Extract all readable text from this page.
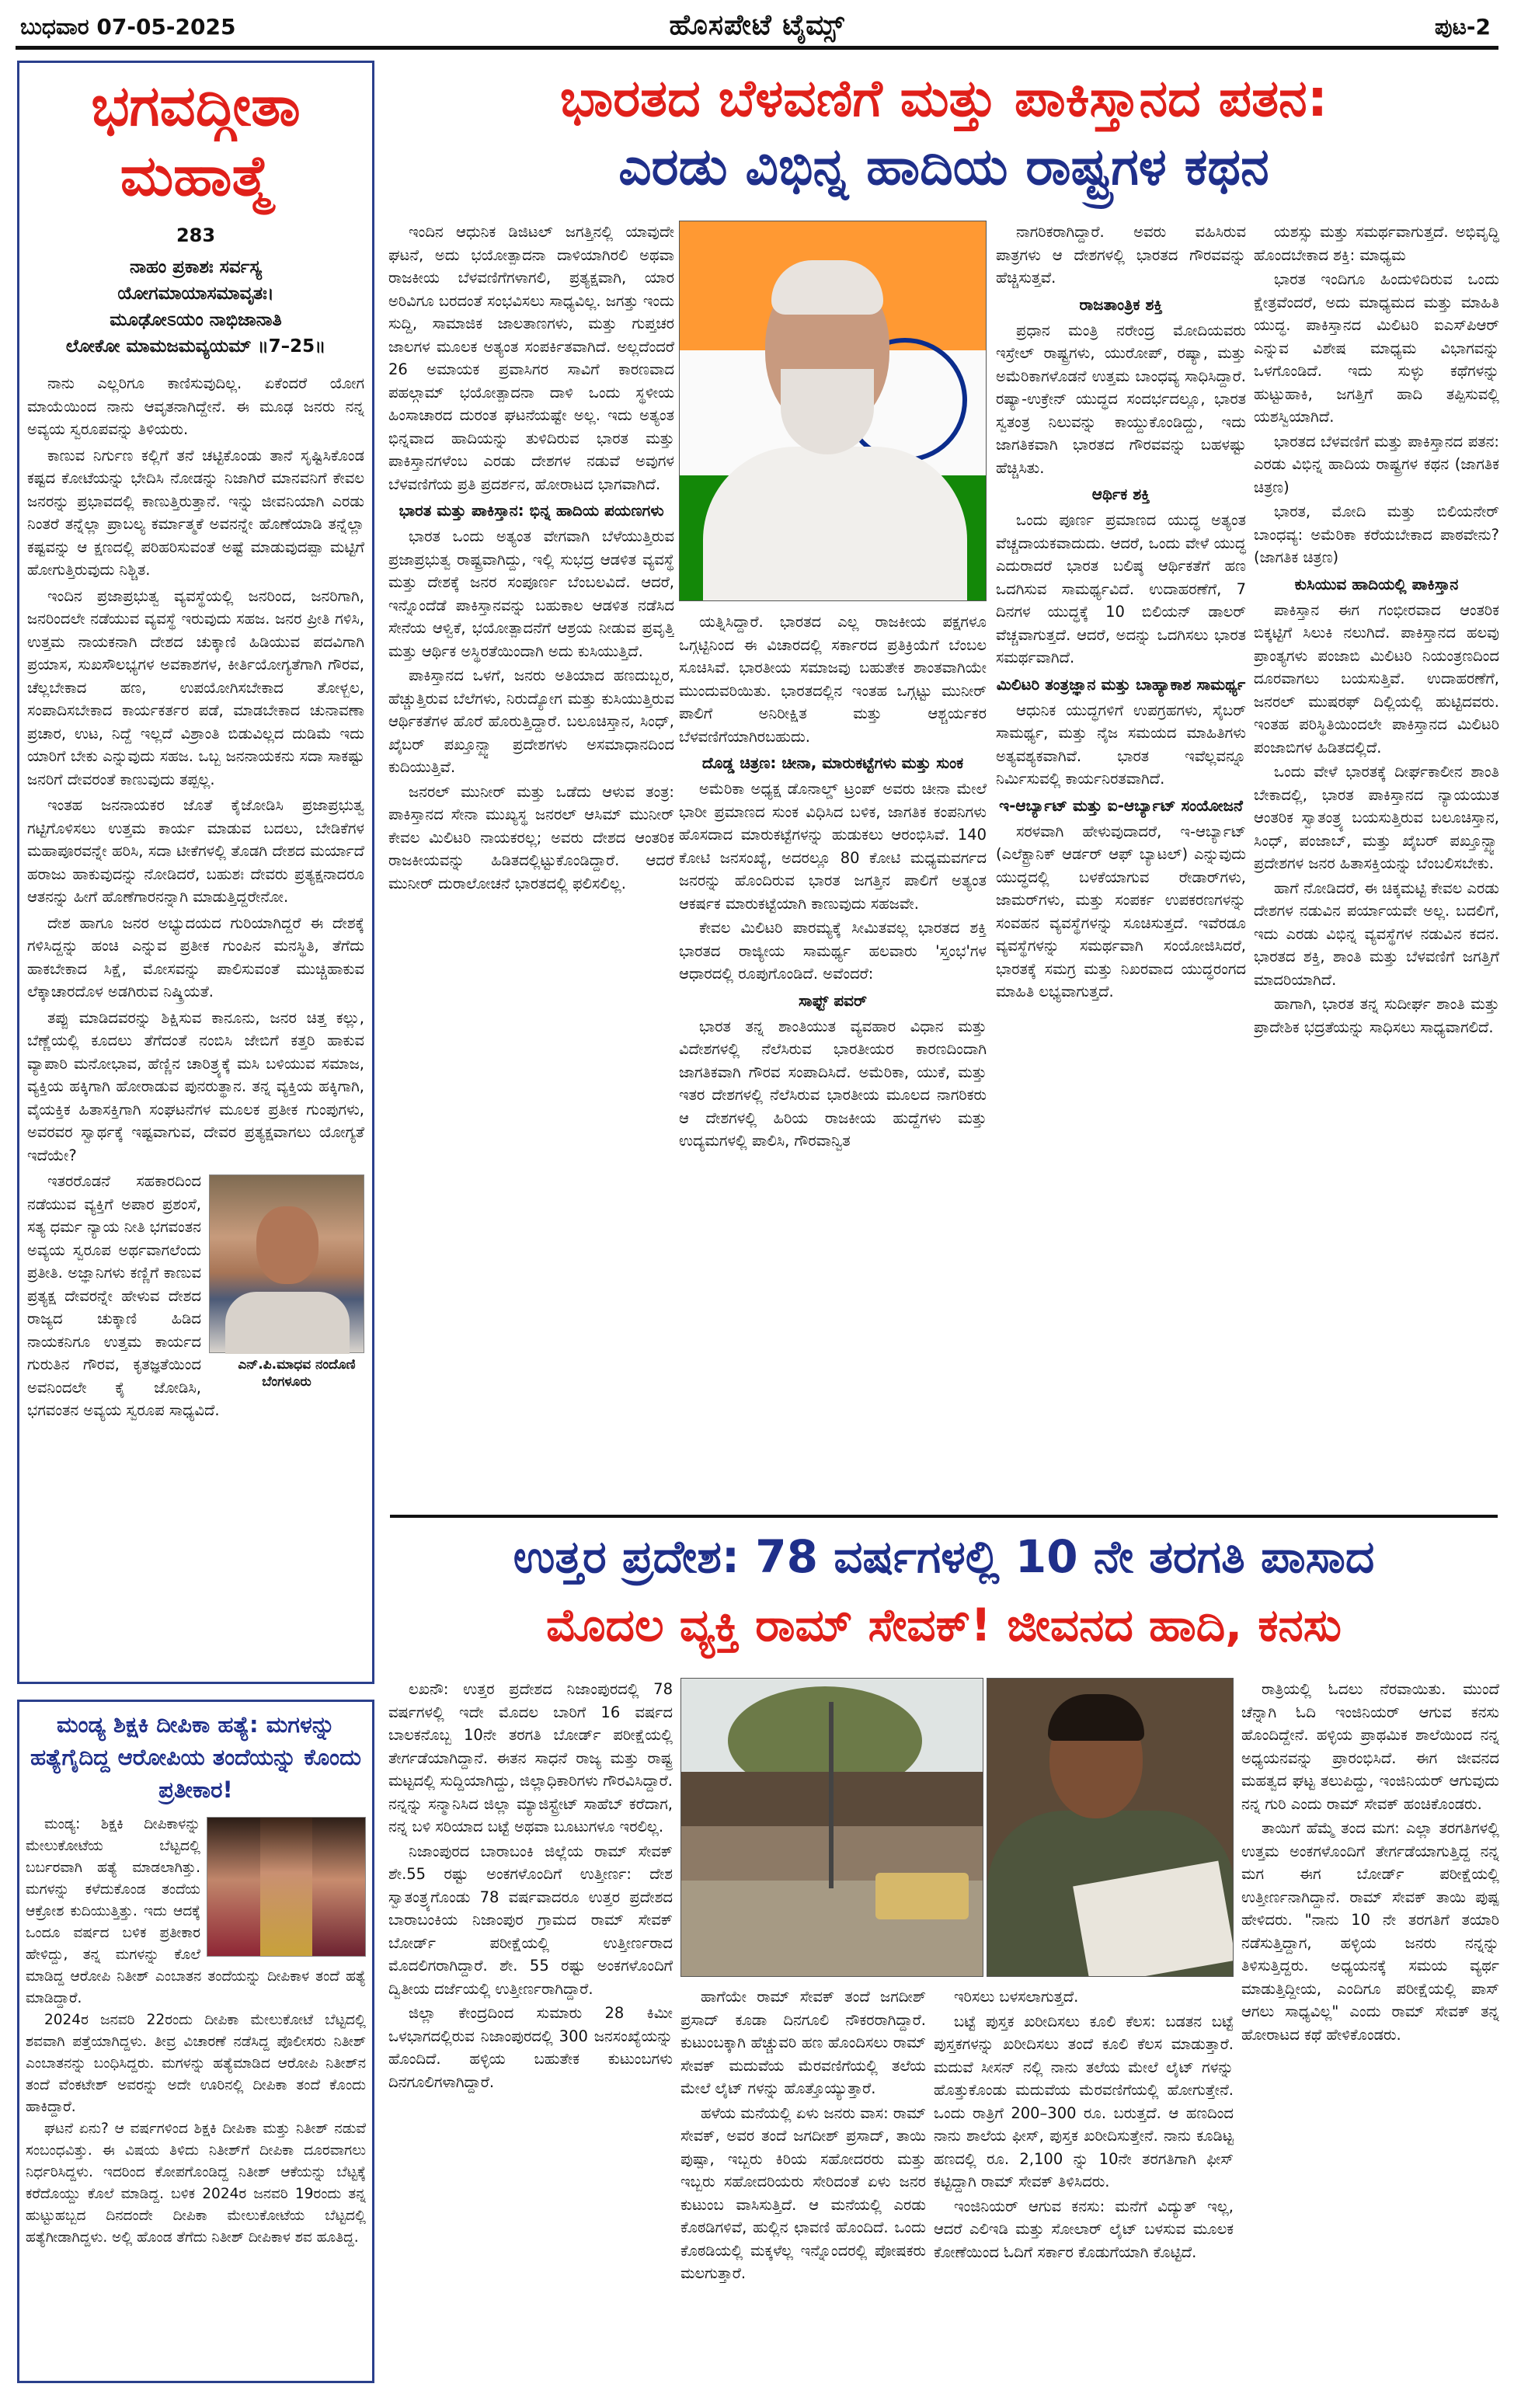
ಬುಧವಾರ 07-05-2025	ಹೊಸಪೇಟೆ ಟೈಮ್ಸ್	ಪುಟ-2
ಭಗವದ್ಗೀತಾ
ಮಹಾತ್ಮೆ
283
ನಾಹಂ ಪ್ರಕಾಶಃ ಸರ್ವಸ್ಯ
ಯೋಗಮಾಯಾಸಮಾವೃತಃ।
ಮೂಢೋಽಯಂ ನಾಭಿಜಾನಾತಿ
ಲೋಕೋ ಮಾಮಜಮವ್ಯಯಮ್ ॥7–25॥

ನಾನು ಎಲ್ಲರಿಗೂ ಕಾಣಿಸುವುದಿಲ್ಲ. ಏಕೆಂದರೆ ಯೋಗ ಮಾಯೆಯಿಂದ ನಾನು ಆವೃತನಾಗಿದ್ದೇನೆ. ಈ ಮೂಢ ಜನರು ನನ್ನ ಅವ್ಯಯ ಸ್ವರೂಪವನ್ನು ತಿಳಿಯರು.

ಕಾಣುವ ನಿರ್ಗುಣ ಕಲ್ಲಿಗೆ ತನೆ ಚಟ್ಟಿಕೊಂಡು ತಾನೆ ಸೃಷ್ಟಿಸಿಕೊಂಡ ಕಷ್ಟದ ಕೋಟೆಯನ್ನು ಭೇದಿಸಿ ನೋಡನ್ನು ನಿಜಾಗಿರೆ ಮಾನವನಿಗೆ ಕೇವಲ ಜನರನ್ನು ಪ್ರಭಾವದಲ್ಲಿ ಕಾಣುತ್ತಿರುತ್ತಾನೆ. ಇನ್ನು ಜೀವನಿಯಾಗಿ ಎರಡು ನಿಂತರೆ ತನ್ನೆಲ್ಲಾ ಪ್ರಾಬಲ್ಯ ಕರ್ಮಾತ್ಮಕೆ ಅವನನ್ನೇ ಹೊಣೆಯಾಡಿ ತನ್ನೆಲ್ಲಾ ಕಷ್ಟವನ್ನು ಆ ಕ್ಷಣದಲ್ಲಿ ಪರಿಹರಿಸುವಂತೆ ಅಷ್ಟೆ ಮಾಡುವುದಪ್ಪಾ ಮಟ್ಟಿಗೆ ಹೋಗುತ್ತಿರುವುದು ನಿಶ್ಚಿತ.

ಇಂದಿನ ಪ್ರಜಾಪ್ರಭುತ್ವ ವ್ಯವಸ್ಥೆಯಲ್ಲಿ ಜನರಿಂದ, ಜನರಿಗಾಗಿ, ಜನರಿಂದಲೇ ನಡೆಯುವ ವ್ಯವಸ್ಥೆ ಇರುವುದು ಸಹಜ. ಜನರ ಪ್ರೀತಿ ಗಳಿಸಿ, ಉತ್ತಮ ನಾಯಕನಾಗಿ ದೇಶದ ಚುಕ್ಕಾಣಿ ಹಿಡಿಯುವ ಪದವಿಗಾಗಿ ಪ್ರಯಾಸ, ಸುಖಸೌಲಭ್ಯಗಳ ಅವಕಾಶಗಳ, ಕೀರ್ತಿಯೋಗ್ಯತೆಗಾಗಿ ಗೌರವ, ಚೆಲ್ಲಬೇಕಾದ ಹಣ, ಉಪಯೋಗಿಸಬೇಕಾದ ತೋಳ್ಬಲ, ಸಂಪಾದಿಸಬೇಕಾದ ಕಾರ್ಯಕರ್ತರ ಪಡೆ, ಮಾಡಬೇಕಾದ ಚುನಾವಣಾ ಪ್ರಚಾರ, ಉಟ, ನಿದ್ದೆ ಇಲ್ಲದೆ ವಿಶ್ರಾಂತಿ ಬಿಡುವಿಲ್ಲದ ದುಡಿಮೆ ಇದು ಯಾರಿಗೆ ಬೇಕು ಎನ್ನುವುದು ಸಹಜ. ಒಬ್ಬ ಜನನಾಯಕನು ಸದಾ ಸಾಕಷ್ಟು ಜನರಿಗೆ ದೇವರಂತೆ ಕಾಣುವುದು ತಪ್ಪಲ್ಲ.

ಇಂತಹ ಜನನಾಯಕರ ಜೊತೆ ಕೈಜೋಡಿಸಿ ಪ್ರಜಾಪ್ರಭುತ್ವ ಗಟ್ಟಿಗೊಳಿಸಲು ಉತ್ತಮ ಕಾರ್ಯ ಮಾಡುವ ಬದಲು, ಬೇಡಿಕೆಗಳ ಮಹಾಪೂರವನ್ನೇ ಹರಿಸಿ, ಸದಾ ಟೀಕೆಗಳಲ್ಲಿ ತೊಡಗಿ ದೇಶದ ಮರ್ಯಾದೆ ಹರಾಜು ಹಾಕುವುದನ್ನು ನೋಡಿದರೆ, ಬಹುಶಃ ದೇವರು ಪ್ರತ್ಯಕ್ಷನಾದರೂ ಆತನನ್ನು ಹೀಗೆ ಹೊಣೆಗಾರನನ್ನಾಗಿ ಮಾಡುತ್ತಿದ್ದರೇನೋ.

ದೇಶ ಹಾಗೂ ಜನರ ಅಭ್ಯುದಯದ ಗುರಿಯಾಗಿದ್ದರೆ ಈ ದೇಶಕ್ಕೆ ಗಳಿಸಿದ್ದನ್ನು ಹಂಚಿ ಎನ್ನುವ ಪ್ರತೀಕ ಗುಂಪಿನ ಮನಸ್ಥಿತಿ, ತೆಗೆದು ಹಾಕಬೇಕಾದ ಸಿಕ್ಷೆ, ಮೋಸವನ್ನು ಪಾಲಿಸುವಂತೆ ಮುಚ್ಚಿಹಾಕುವ ಲೆಕ್ಕಾಚಾರದೊಳ ಅಡಗಿರುವ ನಿಷ್ಕ್ರಿಯತೆ.

ತಪ್ಪು ಮಾಡಿದವರನ್ನು ಶಿಕ್ಷಿಸುವ ಕಾನೂನು, ಜನರ ಚಿತ್ತ ಕಲ್ಲು, ಬೆಣ್ಣೆಯಲ್ಲಿ ಕೂದಲು ತೆಗೆದಂತೆ ನಂಬಿಸಿ ಜೇಬಿಗೆ ಕತ್ತರಿ ಹಾಕುವ ವ್ಯಾಪಾರಿ ಮನೋಭಾವ, ಹೆಣ್ಣಿನ ಚಾರಿತ್ರ್ಯಕ್ಕೆ ಮಸಿ ಬಳಿಯುವ ಸಮಾಜ, ವ್ಯಕ್ತಿಯ ಹಕ್ಕಿಗಾಗಿ ಹೋರಾಡುವ ಪುನರುತ್ಥಾನ. ತನ್ನ ವ್ಯಕ್ತಿಯ ಹಕ್ಕಿಗಾಗಿ, ವೈಯಕ್ತಿಕ ಹಿತಾಸಕ್ತಿಗಾಗಿ ಸಂಘಟನೆಗಳ ಮೂಲಕ ಪ್ರತೀಕ ಗುಂಪುಗಳು, ಅವರವರ ಸ್ವಾರ್ಥಕ್ಕೆ ಇಷ್ಟವಾಗುವ, ದೇವರ ಪ್ರತ್ಯಕ್ಷವಾಗಲು ಯೋಗ್ಯತೆ ಇದೆಯೇ?

ಎನ್.ಪಿ.ಮಾಧವ ನಂದೊಣಿ
ಬೆಂಗಳೂರು

ಇತರರೊಡನೆ ಸಹಕಾರದಿಂದ ನಡೆಯುವ ವ್ಯಕ್ತಿಗೆ ಅಪಾರ ಪ್ರಶಂಸೆ, ಸತ್ಯ ಧರ್ಮ ನ್ಯಾಯ ನೀತಿ ಭಗವಂತನ ಅವ್ಯಯ ಸ್ವರೂಪ ಅರ್ಥವಾಗಲೆಂದು ಪ್ರತೀತಿ. ಅಜ್ಞಾನಿಗಳು ಕಣ್ಣಿಗೆ ಕಾಣುವ ಪ್ರತ್ಯಕ್ಷ ದೇವರನ್ನೇ ಹೇಳುವ ದೇಶದ ರಾಜ್ಯದ ಚುಕ್ಕಾಣಿ ಹಿಡಿದ ನಾಯಕನಿಗೂ ಉತ್ತಮ ಕಾರ್ಯದ ಗುರುತಿನ ಗೌರವ, ಕೃತಜ್ಞತೆಯಿಂದ ಅವನಿಂದಲೇ ಕೈ ಜೋಡಿಸಿ, ಭಗವಂತನ ಅವ್ಯಯ ಸ್ವರೂಪ ಸಾಧ್ಯವಿದೆ.

ಭಾರತದ ಬೆಳವಣಿಗೆ ಮತ್ತು ಪಾಕಿಸ್ತಾನದ ಪತನ:
ಎರಡು ವಿಭಿನ್ನ ಹಾದಿಯ ರಾಷ್ಟ್ರಗಳ ಕಥನ

ಇಂದಿನ ಆಧುನಿಕ ಡಿಜಿಟಲ್ ಜಗತ್ತಿನಲ್ಲಿ ಯಾವುದೇ ಘಟನೆ, ಅದು ಭಯೋತ್ಪಾದನಾ ದಾಳಿಯಾಗಿರಲಿ ಅಥವಾ ರಾಜಕೀಯ ಬೆಳವಣಿಗೆಗಳಾಗಲಿ, ಪ್ರತ್ಯಕ್ಷವಾಗಿ, ಯಾರ ಅರಿವಿಗೂ ಬರದಂತೆ ಸಂಭವಿಸಲು ಸಾಧ್ಯವಿಲ್ಲ. ಜಗತ್ತು ಇಂದು ಸುದ್ದಿ, ಸಾಮಾಜಿಕ ಜಾಲತಾಣಗಳು, ಮತ್ತು ಗುಪ್ತಚರ ಜಾಲಗಳ ಮೂಲಕ ಅತ್ಯಂತ ಸಂಪರ್ಕಿತವಾಗಿದೆ. ಅಲ್ಲದೆಂದರೆ 26 ಅಮಾಯಕ ಪ್ರವಾಸಿಗರ ಸಾವಿಗೆ ಕಾರಣವಾದ ಪಹಲ್ಗಾಮ್ ಭಯೋತ್ಪಾದನಾ ದಾಳಿ ಒಂದು ಸ್ಥಳೀಯ ಹಿಂಸಾಚಾರದ ದುರಂತ ಘಟನೆಯಷ್ಟೇ ಅಲ್ಲ. ಇದು ಅತ್ಯಂತ ಭಿನ್ನವಾದ ಹಾದಿಯನ್ನು ತುಳಿದಿರುವ ಭಾರತ ಮತ್ತು ಪಾಕಿಸ್ತಾನಗಳೆಂಬ ಎರಡು ದೇಶಗಳ ನಡುವೆ ಅವುಗಳ ಬೆಳವಣಿಗೆಯ ಪ್ರತಿ ಪ್ರದರ್ಶನ, ಹೋರಾಟದ ಭಾಗವಾಗಿದೆ.

ಭಾರತ ಮತ್ತು ಪಾಕಿಸ್ತಾನ: ಭಿನ್ನ ಹಾದಿಯ ಪಯಣಗಳು

ಭಾರತ ಒಂದು ಅತ್ಯಂತ ವೇಗವಾಗಿ ಬೆಳೆಯುತ್ತಿರುವ ಪ್ರಜಾಪ್ರಭುತ್ವ ರಾಷ್ಟ್ರವಾಗಿದ್ದು, ಇಲ್ಲಿ ಸುಭದ್ರ ಆಡಳಿತ ವ್ಯವಸ್ಥೆ ಮತ್ತು ದೇಶಕ್ಕೆ ಜನರ ಸಂಪೂರ್ಣ ಬೆಂಬಲವಿದೆ. ಆದರೆ, ಇನ್ನೊಂದೆಡೆ ಪಾಕಿಸ್ತಾನವನ್ನು ಬಹುಕಾಲ ಆಡಳಿತ ನಡೆಸಿದ ಸೇನೆಯ ಆಳ್ವಿಕೆ, ಭಯೋತ್ಪಾದನೆಗೆ ಆಶ್ರಯ ನೀಡುವ ಪ್ರವೃತ್ತಿ ಮತ್ತು ಆರ್ಥಿಕ ಅಸ್ಥಿರತೆಯಿಂದಾಗಿ ಅದು ಕುಸಿಯುತ್ತಿದೆ.

ಪಾಕಿಸ್ತಾನದ ಒಳಗೆ, ಜನರು ಅತಿಯಾದ ಹಣದುಬ್ಬರ, ಹೆಚ್ಚುತ್ತಿರುವ ಬೆಲೆಗಳು, ನಿರುದ್ಯೋಗ ಮತ್ತು ಕುಸಿಯುತ್ತಿರುವ ಆರ್ಥಿಕತೆಗಳ ಹೊರೆ ಹೊರುತ್ತಿದ್ದಾರೆ. ಬಲೂಚಿಸ್ತಾನ, ಸಿಂಧ್, ಖೈಬರ್ ಪಖ್ತೂನ್ಖ್ವಾ ಪ್ರದೇಶಗಳು ಅಸಮಾಧಾನದಿಂದ ಕುದಿಯುತ್ತಿವೆ.

ಜನರಲ್ ಮುನೀರ್ ಮತ್ತು ಒಡೆದು ಆಳುವ ತಂತ್ರ: ಪಾಕಿಸ್ತಾನದ ಸೇನಾ ಮುಖ್ಯಸ್ಥ ಜನರಲ್ ಆಸಿಮ್ ಮುನೀರ್ ಕೇವಲ ಮಿಲಿಟರಿ ನಾಯಕರಲ್ಲ; ಅವರು ದೇಶದ ಆಂತರಿಕ ರಾಜಕೀಯವನ್ನು ಹಿಡಿತದಲ್ಲಿಟ್ಟುಕೊಂಡಿದ್ದಾರೆ. ಆದರೆ ಮುನೀರ್ ದುರಾಲೋಚನೆ ಭಾರತದಲ್ಲಿ ಫಲಿಸಲಿಲ್ಲ.

ಯತ್ನಿಸಿದ್ದಾರೆ. ಭಾರತದ ಎಲ್ಲ ರಾಜಕೀಯ ಪಕ್ಷಗಳೂ ಒಗ್ಗಟ್ಟಿನಿಂದ ಈ ವಿಚಾರದಲ್ಲಿ ಸರ್ಕಾರದ ಪ್ರತಿಕ್ರಿಯೆಗೆ ಬೆಂಬಲ ಸೂಚಿಸಿವೆ. ಭಾರತೀಯ ಸಮಾಜವು ಬಹುತೇಕ ಶಾಂತವಾಗಿಯೇ ಮುಂದುವರಿಯಿತು. ಭಾರತದಲ್ಲಿನ ಇಂತಹ ಒಗ್ಗಟ್ಟು ಮುನೀರ್ ಪಾಲಿಗೆ ಅನಿರೀಕ್ಷಿತ ಮತ್ತು ಆಶ್ಚರ್ಯಕರ ಬೆಳವಣಿಗೆಯಾಗಿರಬಹುದು.

ದೊಡ್ಡ ಚಿತ್ರಣ: ಚೀನಾ, ಮಾರುಕಟ್ಟೆಗಳು ಮತ್ತು ಸುಂಕ

ಅಮೆರಿಕಾ ಅಧ್ಯಕ್ಷ ಡೊನಾಲ್ಡ್ ಟ್ರಂಪ್ ಅವರು ಚೀನಾ ಮೇಲೆ ಭಾರೀ ಪ್ರಮಾಣದ ಸುಂಕ ವಿಧಿಸಿದ ಬಳಿಕ, ಜಾಗತಿಕ ಕಂಪನಿಗಳು ಹೊಸದಾದ ಮಾರುಕಟ್ಟೆಗಳನ್ನು ಹುಡುಕಲು ಆರಂಭಿಸಿವೆ. 140 ಕೋಟಿ ಜನಸಂಖ್ಯೆ, ಅದರಲ್ಲೂ 80 ಕೋಟಿ ಮಧ್ಯಮವರ್ಗದ ಜನರನ್ನು ಹೊಂದಿರುವ ಭಾರತ ಜಗತ್ತಿನ ಪಾಲಿಗೆ ಅತ್ಯಂತ ಆಕರ್ಷಕ ಮಾರುಕಟ್ಟೆಯಾಗಿ ಕಾಣುವುದು ಸಹಜವೇ.

ಕೇವಲ ಮಿಲಿಟರಿ ಪಾರಮ್ಯಕ್ಕೆ ಸೀಮಿತವಲ್ಲ ಭಾರತದ ಶಕ್ತಿ ಭಾರತದ ರಾಜ್ಯೀಯ ಸಾಮರ್ಥ್ಯ ಹಲವಾರು 'ಸ್ತಂಭ'ಗಳ ಆಧಾರದಲ್ಲಿ ರೂಪುಗೊಂಡಿದೆ. ಅವೆಂದರೆ:

ಸಾಫ್ಟ್ ಪವರ್

ಭಾರತ ತನ್ನ ಶಾಂತಿಯುತ ವ್ಯವಹಾರ ವಿಧಾನ ಮತ್ತು ವಿದೇಶಗಳಲ್ಲಿ ನೆಲೆಸಿರುವ ಭಾರತೀಯರ ಕಾರಣದಿಂದಾಗಿ ಜಾಗತಿಕವಾಗಿ ಗೌರವ ಸಂಪಾದಿಸಿದೆ. ಅಮೆರಿಕಾ, ಯುಕೆ, ಮತ್ತು ಇತರ ದೇಶಗಳಲ್ಲಿ ನೆಲೆಸಿರುವ ಭಾರತೀಯ ಮೂಲದ ನಾಗರಿಕರು ಆ ದೇಶಗಳಲ್ಲಿ ಹಿರಿಯ ರಾಜಕೀಯ ಹುದ್ದೆಗಳು ಮತ್ತು ಉದ್ಯಮಗಳಲ್ಲಿ ಪಾಲಿಸಿ, ಗೌರವಾನ್ವಿತ

ನಾಗರಿಕರಾಗಿದ್ದಾರೆ. ಅವರು ವಹಿಸಿರುವ ಪಾತ್ರಗಳು ಆ ದೇಶಗಳಲ್ಲಿ ಭಾರತದ ಗೌರವವನ್ನು ಹೆಚ್ಚಿಸುತ್ತವೆ.

ರಾಜತಾಂತ್ರಿಕ ಶಕ್ತಿ

ಪ್ರಧಾನ ಮಂತ್ರಿ ನರೇಂದ್ರ ಮೋದಿಯವರು ಇಸ್ರೇಲ್ ರಾಷ್ಟ್ರಗಳು, ಯುರೋಪ್, ರಷ್ಯಾ, ಮತ್ತು ಅಮೆರಿಕಾಗಳೊಡನೆ ಉತ್ತಮ ಬಾಂಧವ್ಯ ಸಾಧಿಸಿದ್ದಾರೆ. ರಷ್ಯಾ-ಉಕ್ರೇನ್ ಯುದ್ಧದ ಸಂದರ್ಭದಲ್ಲೂ, ಭಾರತ ಸ್ವತಂತ್ರ ನಿಲುವನ್ನು ಕಾಯ್ದುಕೊಂಡಿದ್ದು, ಇದು ಜಾಗತಿಕವಾಗಿ ಭಾರತದ ಗೌರವವನ್ನು ಬಹಳಷ್ಟು ಹೆಚ್ಚಿಸಿತು.

ಆರ್ಥಿಕ ಶಕ್ತಿ

ಒಂದು ಪೂರ್ಣ ಪ್ರಮಾಣದ ಯುದ್ಧ ಅತ್ಯಂತ ವೆಚ್ಚದಾಯಕವಾದುದು. ಆದರೆ, ಒಂದು ವೇಳೆ ಯುದ್ಧ ಎದುರಾದರೆ ಭಾರತ ಬಲಿಷ್ಠ ಆರ್ಥಿಕತೆಗೆ ಹಣ ಒದಗಿಸುವ ಸಾಮರ್ಥ್ಯವಿದೆ. ಉದಾಹರಣೆಗೆ, 7 ದಿನಗಳ ಯುದ್ಧಕ್ಕೆ 10 ಬಿಲಿಯನ್ ಡಾಲರ್ ವೆಚ್ಚವಾಗುತ್ತದೆ. ಆದರೆ, ಅದನ್ನು ಒದಗಿಸಲು ಭಾರತ ಸಮರ್ಥವಾಗಿದೆ.

ಮಿಲಿಟರಿ ತಂತ್ರಜ್ಞಾನ ಮತ್ತು ಬಾಹ್ಯಾಕಾಶ ಸಾಮರ್ಥ್ಯ

ಆಧುನಿಕ ಯುದ್ಧಗಳಿಗೆ ಉಪಗ್ರಹಗಳು, ಸೈಬರ್ ಸಾಮರ್ಥ್ಯ, ಮತ್ತು ನೈಜ ಸಮಯದ ಮಾಹಿತಿಗಳು ಅತ್ಯವಶ್ಯಕವಾಗಿವೆ. ಭಾರತ ಇವೆಲ್ಲವನ್ನೂ ನಿರ್ಮಿಸುವಲ್ಲಿ ಕಾರ್ಯನಿರತವಾಗಿದೆ.

ಇ-ಆರ್ಬ್ಯಾಟ್ ಮತ್ತು ಐ-ಆರ್ಬ್ಯಾಟ್ ಸಂಯೋಜನೆ

ಸರಳವಾಗಿ ಹೇಳುವುದಾದರೆ, ಇ-ಆರ್ಬ್ಯಾಟ್ (ಎಲೆಕ್ಟ್ರಾನಿಕ್ ಆರ್ಡರ್ ಆಫ್ ಬ್ಯಾಟಲ್) ಎನ್ನುವುದು ಯುದ್ಧದಲ್ಲಿ ಬಳಕೆಯಾಗುವ ರೇಡಾರ್‌ಗಳು, ಜಾಮರ್‌ಗಳು, ಮತ್ತು ಸಂಪರ್ಕ ಉಪಕರಣಗಳನ್ನು ಸಂವಹನ ವ್ಯವಸ್ಥೆಗಳನ್ನು ಸೂಚಿಸುತ್ತದೆ. ಇವೆರಡೂ ವ್ಯವಸ್ಥೆಗಳನ್ನು ಸಮರ್ಥವಾಗಿ ಸಂಯೋಜಿಸಿದರೆ, ಭಾರತಕ್ಕೆ ಸಮಗ್ರ ಮತ್ತು ನಿಖರವಾದ ಯುದ್ಧರಂಗದ ಮಾಹಿತಿ ಲಭ್ಯವಾಗುತ್ತದೆ.

ಯಶಸ್ಸು ಮತ್ತು ಸಮರ್ಥವಾಗುತ್ತದೆ. ಅಭಿವೃದ್ಧಿ ಹೊಂದಬೇಕಾದ ಶಕ್ತಿ: ಮಾಧ್ಯಮ

ಭಾರತ ಇಂದಿಗೂ ಹಿಂದುಳಿದಿರುವ ಒಂದು ಕ್ಷೇತ್ರವೆಂದರೆ, ಅದು ಮಾಧ್ಯಮದ ಮತ್ತು ಮಾಹಿತಿ ಯುದ್ಧ. ಪಾಕಿಸ್ತಾನದ ಮಿಲಿಟರಿ ಐಎಸ್‌ಪಿಆರ್ ಎನ್ನುವ ವಿಶೇಷ ಮಾಧ್ಯಮ ವಿಭಾಗವನ್ನು ಒಳಗೊಂಡಿದೆ. ಇದು ಸುಳ್ಳು ಕಥೆಗಳನ್ನು ಹುಟ್ಟುಹಾಕಿ, ಜಗತ್ತಿಗೆ ಹಾದಿ ತಪ್ಪಿಸುವಲ್ಲಿ ಯಶಸ್ವಿಯಾಗಿದೆ.

ಭಾರತದ ಬೆಳವಣಿಗೆ ಮತ್ತು ಪಾಕಿಸ್ತಾನದ ಪತನ: ಎರಡು ವಿಭಿನ್ನ ಹಾದಿಯ ರಾಷ್ಟ್ರಗಳ ಕಥನ (ಜಾಗತಿಕ ಚಿತ್ರಣ)

ಭಾರತ, ಮೋದಿ ಮತ್ತು ಬಿಲಿಯನೇರ್ ಬಾಂಧವ್ಯ: ಅಮೆರಿಕಾ ಕರೆಯಬೇಕಾದ ಪಾಠವೇನು? (ಜಾಗತಿಕ ಚಿತ್ರಣ)

ಕುಸಿಯುವ ಹಾದಿಯಲ್ಲಿ ಪಾಕಿಸ್ತಾನ

ಪಾಕಿಸ್ತಾನ ಈಗ ಗಂಭೀರವಾದ ಆಂತರಿಕ ಬಿಕ್ಕಟ್ಟಿಗೆ ಸಿಲುಕಿ ನಲುಗಿದೆ. ಪಾಕಿಸ್ತಾನದ ಹಲವು ಪ್ರಾಂತ್ಯಗಳು ಪಂಜಾಬಿ ಮಿಲಿಟರಿ ನಿಯಂತ್ರಣದಿಂದ ದೂರವಾಗಲು ಬಯಸುತ್ತಿವೆ. ಉದಾಹರಣೆಗೆ, ಜನರಲ್ ಮುಷರಫ್ ದಿಲ್ಲಿಯಲ್ಲಿ ಹುಟ್ಟಿದವರು. ಇಂತಹ ಪರಿಸ್ಥಿತಿಯಿಂದಲೇ ಪಾಕಿಸ್ತಾನದ ಮಿಲಿಟರಿ ಪಂಜಾಬಿಗಳ ಹಿಡಿತದಲ್ಲಿದೆ.

ಒಂದು ವೇಳೆ ಭಾರತಕ್ಕೆ ದೀರ್ಘಕಾಲೀನ ಶಾಂತಿ ಬೇಕಾದಲ್ಲಿ, ಭಾರತ ಪಾಕಿಸ್ತಾನದ ನ್ಯಾಯಯುತ ಆಂತರಿಕ ಸ್ವಾತಂತ್ರ್ಯ ಬಯಸುತ್ತಿರುವ ಬಲೂಚಿಸ್ತಾನ, ಸಿಂಧ್, ಪಂಜಾಬ್, ಮತ್ತು ಖೈಬರ್ ಪಖ್ತೂನ್ಖ್ವಾ ಪ್ರದೇಶಗಳ ಜನರ ಹಿತಾಸಕ್ತಿಯನ್ನು ಬೆಂಬಲಿಸಬೇಕು.

ಹಾಗೆ ನೋಡಿದರೆ, ಈ ಚಿಕ್ಕಮಟ್ಟಿ ಕೇವಲ ಎರಡು ದೇಶಗಳ ನಡುವಿನ ಪರ್ಯಾಯವೇ ಅಲ್ಲ. ಬದಲಿಗೆ, ಇದು ಎರಡು ವಿಭಿನ್ನ ವ್ಯವಸ್ಥೆಗಳ ನಡುವಿನ ಕದನ. ಭಾರತದ ಶಕ್ತಿ, ಶಾಂತಿ ಮತ್ತು ಬೆಳವಣಿಗೆ ಜಗತ್ತಿಗೆ ಮಾದರಿಯಾಗಿದೆ.

ಹಾಗಾಗಿ, ಭಾರತ ತನ್ನ ಸುದೀರ್ಘ ಶಾಂತಿ ಮತ್ತು ಪ್ರಾದೇಶಿಕ ಭದ್ರತೆಯನ್ನು ಸಾಧಿಸಲು ಸಾಧ್ಯವಾಗಲಿದೆ.

ಉತ್ತರ ಪ್ರದೇಶ: 78 ವರ್ಷಗಳಲ್ಲಿ 10 ನೇ ತರಗತಿ ಪಾಸಾದ
ಮೊದಲ ವ್ಯಕ್ತಿ ರಾಮ್ ಸೇವಕ್! ಜೀವನದ ಹಾದಿ, ಕನಸು

ಲಖನೌ: ಉತ್ತರ ಪ್ರದೇಶದ ನಿಜಾಂಪುರದಲ್ಲಿ 78 ವರ್ಷಗಳಲ್ಲಿ ಇದೇ ಮೊದಲ ಬಾರಿಗೆ 16 ವರ್ಷದ ಬಾಲಕನೊಬ್ಬ 10ನೇ ತರಗತಿ ಬೋರ್ಡ್ ಪರೀಕ್ಷೆಯಲ್ಲಿ ತೇರ್ಗಡೆಯಾಗಿದ್ದಾನೆ. ಈತನ ಸಾಧನೆ ರಾಜ್ಯ ಮತ್ತು ರಾಷ್ಟ್ರ ಮಟ್ಟದಲ್ಲಿ ಸುದ್ದಿಯಾಗಿದ್ದು, ಜಿಲ್ಲಾಧಿಕಾರಿಗಳು ಗೌರವಿಸಿದ್ದಾರೆ. ನನ್ನನ್ನು ಸನ್ಮಾನಿಸಿದ ಜಿಲ್ಲಾ ಮ್ಯಾಜಿಸ್ಟ್ರೇಟ್ ಸಾಹೆಬ್ ಕರೆದಾಗ, ನನ್ನ ಬಳಿ ಸರಿಯಾದ ಬಟ್ಟೆ ಅಥವಾ ಬೂಟುಗಳೂ ಇರಲಿಲ್ಲ.

ನಿಜಾಂಪುರದ ಬಾರಾಬಂಕಿ ಜಿಲ್ಲೆಯ ರಾಮ್ ಸೇವಕ್ ಶೇ.55 ರಷ್ಟು ಅಂಕಗಳೊಂದಿಗೆ ಉತ್ತೀರ್ಣ: ದೇಶ ಸ್ವಾತಂತ್ರ್ಯಗೊಂಡು 78 ವರ್ಷವಾದರೂ ಉತ್ತರ ಪ್ರದೇಶದ ಬಾರಾಬಂಕಿಯ ನಿಜಾಂಪುರ ಗ್ರಾಮದ ರಾಮ್ ಸೇವಕ್ ಬೋರ್ಡ್ ಪರೀಕ್ಷೆಯಲ್ಲಿ ಉತ್ತೀರ್ಣರಾದ ಮೊದಲಿಗರಾಗಿದ್ದಾರೆ. ಶೇ. 55 ರಷ್ಟು ಅಂಕಗಳೊಂದಿಗೆ ದ್ವಿತೀಯ ದರ್ಜೆಯಲ್ಲಿ ಉತ್ತೀರ್ಣರಾಗಿದ್ದಾರೆ.

ಜಿಲ್ಲಾ ಕೇಂದ್ರದಿಂದ ಸುಮಾರು 28 ಕಿಮೀ ಒಳಭಾಗದಲ್ಲಿರುವ ನಿಜಾಂಪುರದಲ್ಲಿ 300 ಜನಸಂಖ್ಯೆಯನ್ನು ಹೊಂದಿದೆ. ಹಳ್ಳಿಯ ಬಹುತೇಕ ಕುಟುಂಬಗಳು ದಿನಗೂಲಿಗಳಾಗಿದ್ದಾರೆ.

ಹಾಗೆಯೇ ರಾಮ್ ಸೇವಕ್ ತಂದೆ ಜಗದೀಶ್ ಪ್ರಸಾದ್ ಕೂಡಾ ದಿನಗೂಲಿ ನೌಕರರಾಗಿದ್ದಾರೆ. ಕುಟುಂಬಕ್ಕಾಗಿ ಹೆಚ್ಚುವರಿ ಹಣ ಹೊಂದಿಸಲು ರಾಮ್ ಸೇವಕ್ ಮದುವೆಯ ಮೆರವಣಿಗೆಯಲ್ಲಿ ತಲೆಯ ಮೇಲೆ ಲೈಟ್ ಗಳನ್ನು ಹೊತ್ತೊಯ್ಯುತ್ತಾರೆ.

ಹಳೆಯ ಮನೆಯಲ್ಲಿ ಏಳು ಜನರು ವಾಸ: ರಾಮ್ ಸೇವಕ್, ಅವರ ತಂದೆ ಜಗದೀಶ್ ಪ್ರಸಾದ್, ತಾಯಿ ಪುಷ್ಪಾ, ಇಬ್ಬರು ಕಿರಿಯ ಸಹೋದರರು ಮತ್ತು ಇಬ್ಬರು ಸಹೋದರಿಯರು ಸೇರಿದಂತೆ ಏಳು ಜನರ ಕುಟುಂಬ ವಾಸಿಸುತ್ತಿದೆ. ಆ ಮನೆಯಲ್ಲಿ ಎರಡು ಕೊಠಡಿಗಳಿವೆ, ಹುಲ್ಲಿನ ಛಾವಣಿ ಹೊಂದಿದೆ. ಒಂದು ಕೊಠಡಿಯಲ್ಲಿ ಮಕ್ಕಳೆಲ್ಲ ಇನ್ನೊಂದರಲ್ಲಿ ಪೋಷಕರು ಮಲಗುತ್ತಾರೆ.

ಇರಿಸಲು ಬಳಸಲಾಗುತ್ತದೆ.

ಬಟ್ಟೆ ಪುಸ್ತಕ ಖರೀದಿಸಲು ಕೂಲಿ ಕೆಲಸ: ಬಡತನ ಬಟ್ಟೆ ಪುಸ್ತಕಗಳನ್ನು ಖರೀದಿಸಲು ತಂದೆ ಕೂಲಿ ಕೆಲಸ ಮಾಡುತ್ತಾರೆ. ಮದುವೆ ಸೀಸನ್ ನಲ್ಲಿ ನಾನು ತಲೆಯ ಮೇಲೆ ಲೈಟ್ ಗಳನ್ನು ಹೊತ್ತುಕೊಂಡು ಮದುವೆಯ ಮೆರವಣಿಗೆಯಲ್ಲಿ ಹೋಗುತ್ತೇನೆ. ಒಂದು ರಾತ್ರಿಗೆ 200–300 ರೂ. ಬರುತ್ತದೆ. ಆ ಹಣದಿಂದ ನಾನು ಶಾಲೆಯ ಫೀಸ್, ಪುಸ್ತಕ ಖರೀದಿಸುತ್ತೇನೆ. ನಾನು ಕೂಡಿಟ್ಟ ಹಣದಲ್ಲಿ ರೂ. 2,100 ನ್ನು 10ನೇ ತರಗತಿಗಾಗಿ ಫೀಸ್ ಕಟ್ಟಿದ್ದಾಗಿ ರಾಮ್ ಸೇವಕ್ ತಿಳಿಸಿದರು.

ಇಂಜಿನಿಯರ್ ಆಗುವ ಕನಸು: ಮನೆಗೆ ವಿದ್ಯುತ್ ಇಲ್ಲ, ಆದರೆ ಎಲಿಇಡಿ ಮತ್ತು ಸೋಲಾರ್ ಲೈಟ್ ಬಳಸುವ ಮೂಲಕ ಕೋಣೆಯಿಂದ ಓದಿಗೆ ಸರ್ಕಾರ ಕೊಡುಗೆಯಾಗಿ ಕೊಟ್ಟಿದೆ.

ರಾತ್ರಿಯಲ್ಲಿ ಓದಲು ನೆರವಾಯಿತು. ಮುಂದೆ ಚೆನ್ನಾಗಿ ಓದಿ ಇಂಜಿನಿಯರ್ ಆಗುವ ಕನಸು ಹೊಂದಿದ್ದೇನೆ. ಹಳ್ಳಿಯ ಪ್ರಾಥಮಿಕ ಶಾಲೆಯಿಂದ ನನ್ನ ಅಧ್ಯಯನವನ್ನು ಪ್ರಾರಂಭಿಸಿದೆ. ಈಗ ಜೀವನದ ಮಹತ್ವದ ಘಟ್ಟ ತಲುಪಿದ್ದು, ಇಂಜಿನಿಯರ್ ಆಗುವುದು ನನ್ನ ಗುರಿ ಎಂದು ರಾಮ್ ಸೇವಕ್ ಹಂಚಿಕೊಂಡರು.

ತಾಯಿಗೆ ಹೆಮ್ಮೆ ತಂದ ಮಗ: ಎಲ್ಲಾ ತರಗತಿಗಳಲ್ಲಿ ಉತ್ತಮ ಅಂಕಗಳೊಂದಿಗೆ ತೇರ್ಗಡೆಯಾಗುತ್ತಿದ್ದ ನನ್ನ ಮಗ ಈಗ ಬೋರ್ಡ್ ಪರೀಕ್ಷೆಯಲ್ಲಿ ಉತ್ತೀರ್ಣನಾಗಿದ್ದಾನೆ. ರಾಮ್ ಸೇವಕ್ ತಾಯಿ ಪುಷ್ಪ ಹೇಳಿದರು. "ನಾನು 10 ನೇ ತರಗತಿಗೆ ತಯಾರಿ ನಡೆಸುತ್ತಿದ್ದಾಗ, ಹಳ್ಳಿಯ ಜನರು ನನ್ನನ್ನು ತಿಳಿಸುತ್ತಿದ್ದರು. ಅಧ್ಯಯನಕ್ಕೆ ಸಮಯ ವ್ಯರ್ಥ ಮಾಡುತ್ತಿದ್ದೀಯ, ಎಂದಿಗೂ ಪರೀಕ್ಷೆಯಲ್ಲಿ ಪಾಸ್ ಆಗಲು ಸಾಧ್ಯವಿಲ್ಲ" ಎಂದು ರಾಮ್ ಸೇವಕ್ ತನ್ನ ಹೋರಾಟದ ಕಥೆ ಹೇಳಿಕೊಂಡರು.

ಮಂಡ್ಯ ಶಿಕ್ಷಕಿ ದೀಪಿಕಾ ಹತ್ಯೆ: ಮಗಳನ್ನು ಹತ್ಯೆಗೈದಿದ್ದ ಆರೋಪಿಯ ತಂದೆಯನ್ನು ಕೊಂದು ಪ್ರತೀಕಾರ!

ಮಂಡ್ಯ: ಶಿಕ್ಷಕಿ ದೀಪಿಕಾಳನ್ನು ಮೇಲುಕೋಟೆಯ ಬೆಟ್ಟದಲ್ಲಿ ಬರ್ಬರವಾಗಿ ಹತ್ಯೆ ಮಾಡಲಾಗಿತ್ತು. ಮಗಳನ್ನು ಕಳೆದುಕೊಂಡ ತಂದೆಯ ಆಕ್ರೋಶ ಕುದಿಯುತ್ತಿತ್ತು. ಇದು ಆದಕ್ಕೆ ಒಂದೂ ವರ್ಷದ ಬಳಿಕ ಪ್ರತೀಕಾರ ಹೇಳಿದ್ದು, ತನ್ನ ಮಗಳನ್ನು ಕೊಲೆ ಮಾಡಿದ್ದ ಆರೋಪಿ ನಿತೀಶ್ ಎಂಬಾತನ ತಂದೆಯನ್ನು ದೀಪಿಕಾಳ ತಂದೆ ಹತ್ಯೆ ಮಾಡಿದ್ದಾರೆ.

2024ರ ಜನವರಿ 22ರಂದು ದೀಪಿಕಾ ಮೇಲುಕೋಟೆ ಬೆಟ್ಟದಲ್ಲಿ ಶವವಾಗಿ ಪತ್ತೆಯಾಗಿದ್ದಳು. ತೀವ್ರ ವಿಚಾರಣೆ ನಡೆಸಿದ್ದ ಪೊಲೀಸರು ನಿತೀಶ್ ಎಂಬಾತನನ್ನು ಬಂಧಿಸಿದ್ದರು. ಮಗಳನ್ನು ಹತ್ಯೆಮಾಡಿದ ಆರೋಪಿ ನಿತೀಶ್‌ನ ತಂದೆ ವೆಂಕಟೇಶ್ ಅವರನ್ನು ಅದೇ ಊರಿನಲ್ಲಿ ದೀಪಿಕಾ ತಂದೆ ಕೊಂದು ಹಾಕಿದ್ದಾರೆ.

ಘಟನೆ ಏನು? ಆ ವರ್ಷಗಳಿಂದ ಶಿಕ್ಷಕಿ ದೀಪಿಕಾ ಮತ್ತು ನಿತೀಶ್ ನಡುವೆ ಸಂಬಂಧವಿತ್ತು. ಈ ವಿಷಯ ತಿಳಿದು ನಿತೀಶ್‌ಗೆ ದೀಪಿಕಾ ದೂರವಾಗಲು ನಿರ್ಧರಿಸಿದ್ದಳು. ಇದರಿಂದ ಕೋಪಗೊಂಡಿದ್ದ ನಿತೀಶ್ ಆಕೆಯನ್ನು ಬೆಟ್ಟಕ್ಕೆ ಕರೆದೊಯ್ದು ಕೊಲೆ ಮಾಡಿದ್ದ. ಬಳಿಕ 2024ರ ಜನವರಿ 19ರಂದು ತನ್ನ ಹುಟ್ಟುಹಬ್ಬದ ದಿನದಂದೇ ದೀಪಿಕಾ ಮೇಲುಕೋಟೆಯ ಬೆಟ್ಟದಲ್ಲಿ ಹತ್ಯೆಗೀಡಾಗಿದ್ದಳು. ಅಲ್ಲಿ ಹೊಂಡ ತೆಗೆದು ನಿತೀಶ್ ದೀಪಿಕಾಳ ಶವ ಹೂತಿದ್ದ.
